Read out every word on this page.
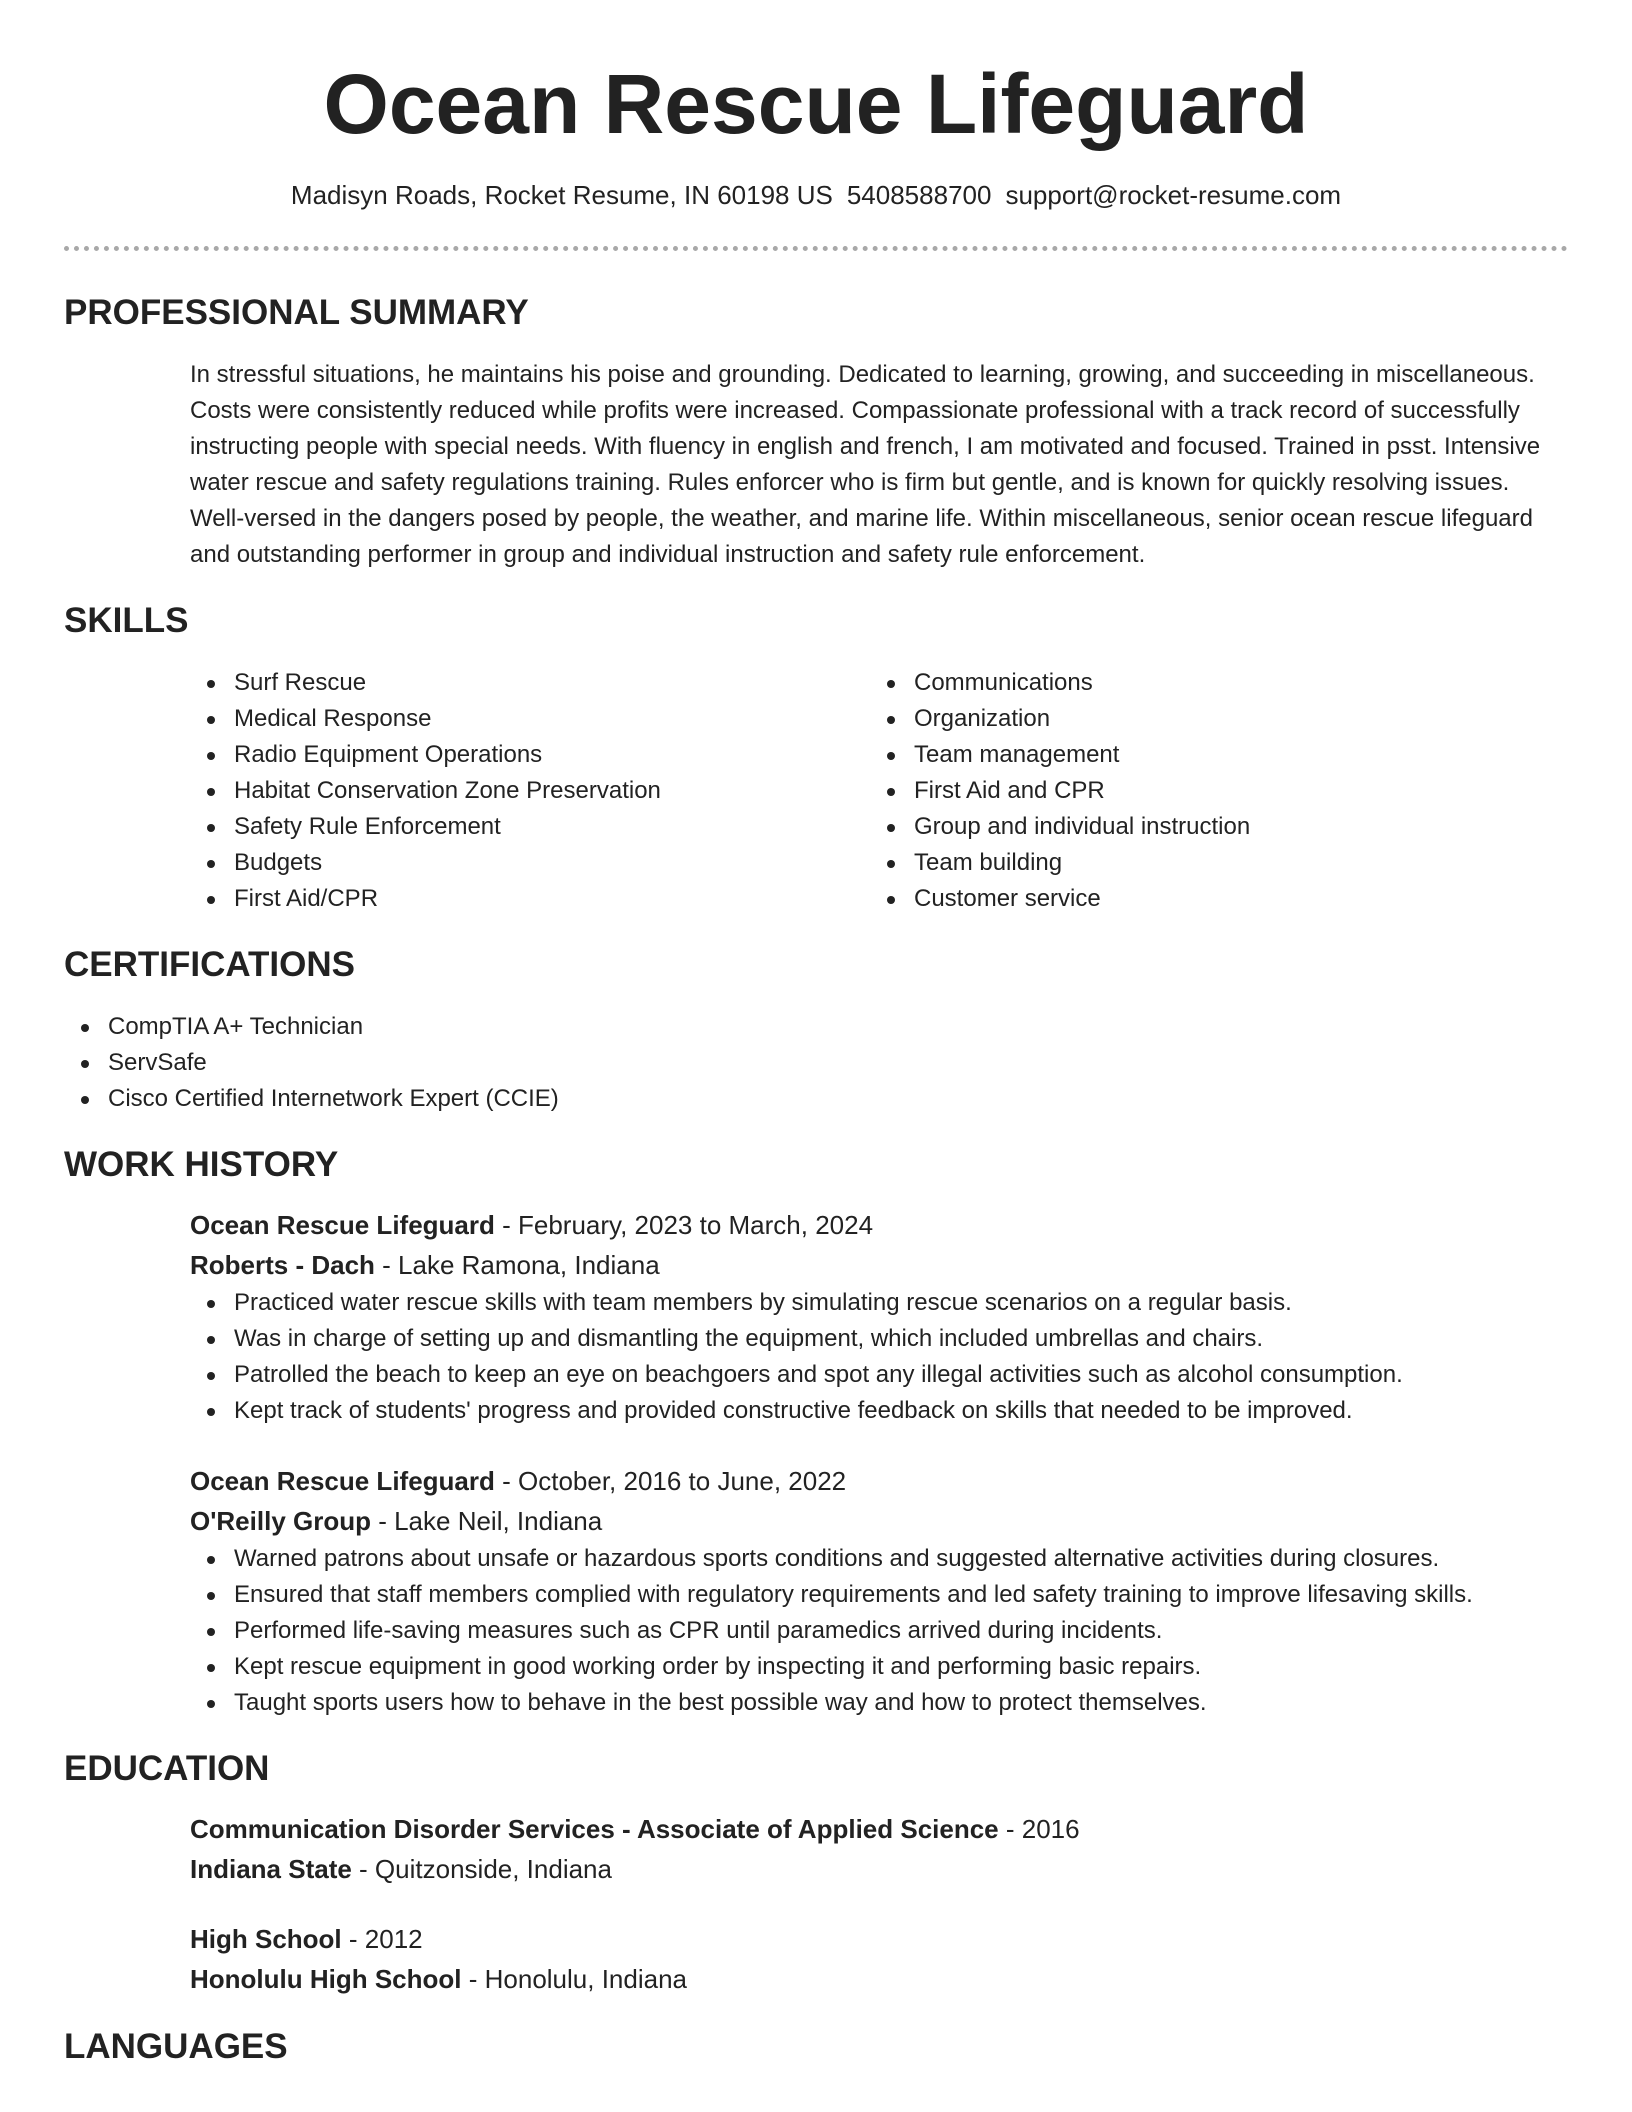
Ocean Rescue Lifeguard
Madisyn Roads, Rocket Resume, IN 60198 US 5408588700 support@rocket-resume.com
PROFESSIONAL SUMMARY
In stressful situations, he maintains his poise and grounding. Dedicated to learning, growing, and succeeding in miscellaneous. Costs were consistently reduced while profits were increased. Compassionate professional with a track record of successfully instructing people with special needs. With fluency in english and french, I am motivated and focused. Trained in psst. Intensive water rescue and safety regulations training. Rules enforcer who is firm but gentle, and is known for quickly resolving issues. Well-versed in the dangers posed by people, the weather, and marine life. Within miscellaneous, senior ocean rescue lifeguard and outstanding performer in group and individual instruction and safety rule enforcement.
SKILLS
Surf Rescue
Medical Response
Radio Equipment Operations
Habitat Conservation Zone Preservation
Safety Rule Enforcement
Budgets
First Aid/CPR
Communications
Organization
Team management
First Aid and CPR
Group and individual instruction
Team building
Customer service
CERTIFICATIONS
CompTIA A+ Technician
ServSafe
Cisco Certified Internetwork Expert (CCIE)
WORK HISTORY
Ocean Rescue Lifeguard - February, 2023 to March, 2024
Roberts - Dach - Lake Ramona, Indiana
Practiced water rescue skills with team members by simulating rescue scenarios on a regular basis.
Was in charge of setting up and dismantling the equipment, which included umbrellas and chairs.
Patrolled the beach to keep an eye on beachgoers and spot any illegal activities such as alcohol consumption.
Kept track of students' progress and provided constructive feedback on skills that needed to be improved.
Ocean Rescue Lifeguard - October, 2016 to June, 2022
O'Reilly Group - Lake Neil, Indiana
Warned patrons about unsafe or hazardous sports conditions and suggested alternative activities during closures.
Ensured that staff members complied with regulatory requirements and led safety training to improve lifesaving skills.
Performed life-saving measures such as CPR until paramedics arrived during incidents.
Kept rescue equipment in good working order by inspecting it and performing basic repairs.
Taught sports users how to behave in the best possible way and how to protect themselves.
EDUCATION
Communication Disorder Services - Associate of Applied Science - 2016
Indiana State - Quitzonside, Indiana
High School - 2012
Honolulu High School - Honolulu, Indiana
LANGUAGES
